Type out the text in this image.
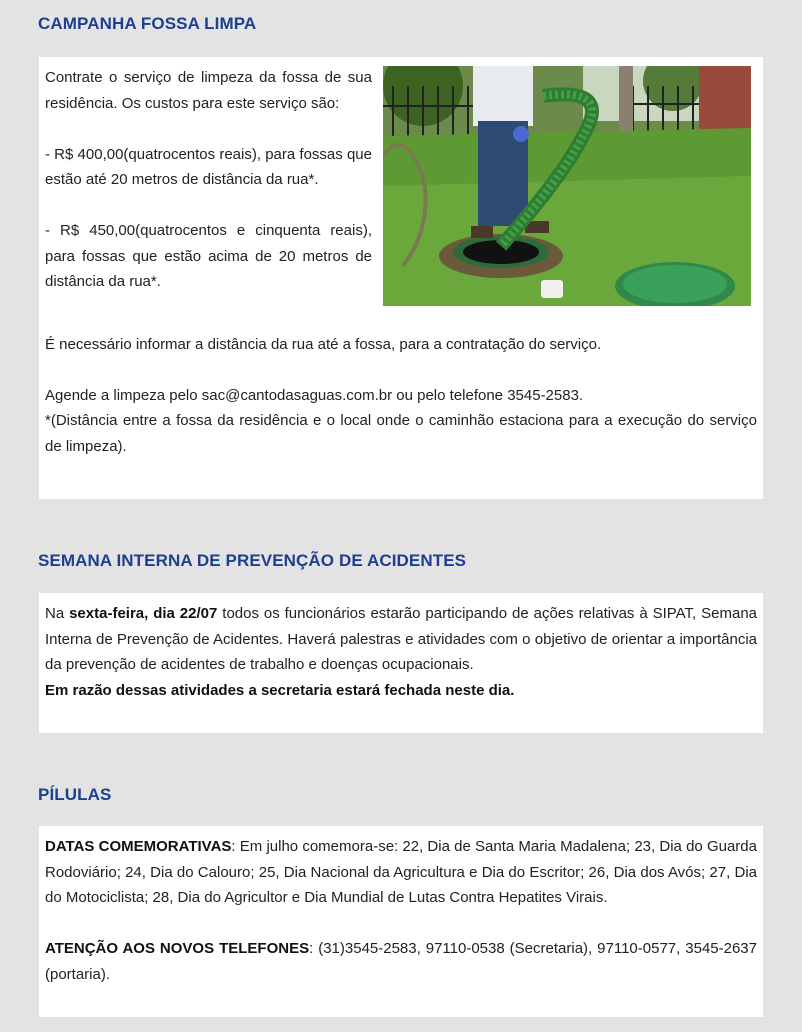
CAMPANHA FOSSA LIMPA

Contrate o serviço de limpeza da fossa de sua residência. Os custos para este serviço são:

- R$ 400,00(quatrocentos reais), para fossas que estão até 20 metros de distância da rua*.

- R$ 450,00(quatrocentos e cinquenta reais), para fossas que estão acima de 20 metros de distância da rua*.

É necessário informar a distância da rua até a fossa, para a contratação do serviço.

Agende a limpeza pelo sac@cantodasaguas.com.br ou pelo telefone 3545-2583.

*(Distância entre a fossa da residência e o local onde o caminhão estaciona para a execução do serviço de limpeza).

SEMANA INTERNA DE PREVENÇÃO DE ACIDENTES

Na sexta-feira, dia 22/07 todos os funcionários estarão participando de ações relativas à SIPAT, Semana Interna de Prevenção de Acidentes. Haverá palestras e atividades com o objetivo de orientar a importância da prevenção de acidentes de trabalho e doenças ocupacionais.

Em razão dessas atividades a secretaria estará fechada neste dia.

PÍLULAS

DATAS COMEMORATIVAS: Em julho comemora-se: 22, Dia de Santa Maria Madalena; 23, Dia do Guarda Rodoviário; 24, Dia do Calouro; 25, Dia Nacional da Agricultura e Dia do Escritor; 26, Dia dos Avós; 27, Dia do Motociclista; 28, Dia do Agricultor e Dia Mundial de Lutas Contra Hepatites Virais.

ATENÇÃO AOS NOVOS TELEFONES: (31)3545-2583, 97110-0538 (Secretaria), 97110-0577, 3545-2637 (portaria).
